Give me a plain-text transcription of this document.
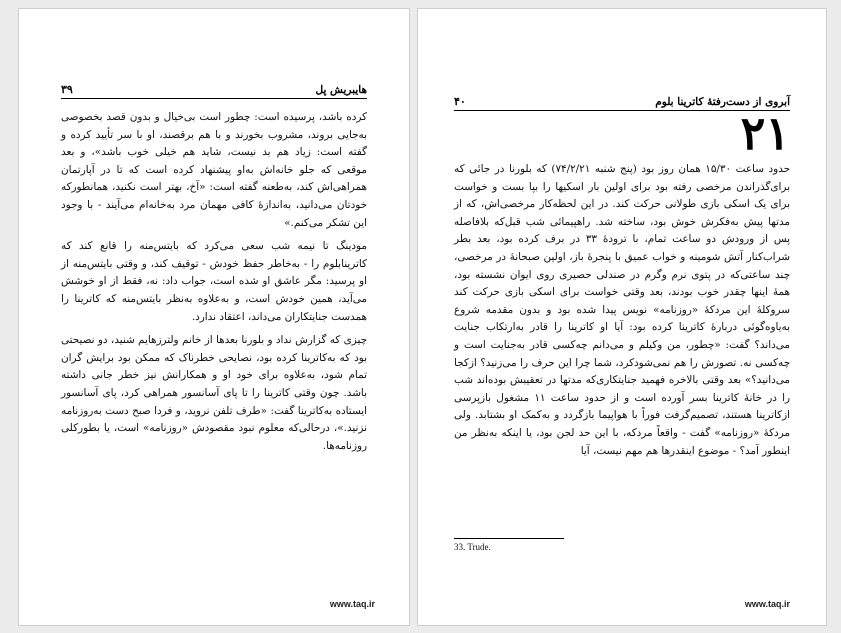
۳۹	هایبریش پل

کرده باشد، پرسیده است: چطور است بی‌خیال و بدون قصد بخصوصی به‌جایی بروند، مشروب بخورند و با هم برقصند، او با سر تأیید کرده و گفته است: زیاد هم بد نیست، شاید هم خیلی خوب باشد»، و بعد موقعی که جلو خانه‌اش به‌او پیشنهاد کرده است که تا در آپارتمان همراهی‌اش کند، به‌طعنه گفته است: «آخ، بهتر است نکنید، همانطورکه خودتان می‌دانید، به‌اندازهٔ کافی مهمان مرد به‌خانه‌ام می‌آیند - با وجود این تشکر می‌کنم.»

مودینگ تا نیمه شب سعی می‌کرد که بایتس‌منه را قانع کند که کاترینابلوم را - به‌خاطر حفظ خودش - توقیف کند، و وقتی بایتس‌منه از او پرسید: مگر عاشق او شده است، جواب داد: نه، فقط از او خوشش می‌آید، همین خودش است، و به‌علاوه به‌نظر بایتس‌منه که کاترینا را همدست جنایتکاران می‌داند، اعتقاد ندارد.

چیزی که گزارش نداد و بلورنا بعدها از خانم ولترزهایم شنید، دو نصیحتی بود که به‌کاترینا کرده بود، نصایحی خطرناک که ممکن بود برایش گران تمام شود، به‌علاوه برای خود او و همکارانش نیز خطر جانی داشته باشد. چون وقتی کاترینا را تا پای آسانسور همراهی کرد، پای آسانسور ایستاده به‌کاترینا گفت: «طرف تلفن نروید، و فردا صبح دست به‌روزنامه نزنید.»، درحالی‌که معلوم نبود مقصودش «روزنامه» است، یا بطورکلی روزنامه‌ها.

www.taq.ir
۴۰	آبروی از دست‌رفتهٔ کاترینا بلوم
۲۱

حدود ساعت ۱۵/۳۰ همان روز بود (پنج شنبه ۷۴/۲/۲۱) که بلورنا در جائی که برای‌گذراندن مرخصی رفته بود برای اولین بار اسکیها را بپا بست و خواست برای یک اسکی بازی طولانی حرکت کند. در این لحظه‌کار مرخصی‌اش، که از مدتها پیش به‌فکرش خوش بود، ساخته شد. راهپیمائی شب قبل‌که بلافاصله پس از ورودش دو ساعت تمام، با ترودهٔ ۳۳ در برف کرده بود، بعد بطر شراب‌کنار آتش شومینه و خواب عمیق با پنجرهٔ باز، اولین صبحانهٔ در مرخصی، چند ساعتی‌که در پتوی نرم وگرم در صندلی حصیری روی ایوان نشسته بود، همهٔ اینها چقدر خوب بودند، بعد وقتی خواست برای اسکی بازی حرکت کند سروکلهٔ این مرد‌کهٔ «روزنامه» نویس پیدا شده بود و بدون مقدمه شروع به‌یاوه‌گوئی دربارهٔ کاترینا کرده بود: آیا او کاترینا را قادر به‌ارتکاب جنایت می‌داند؟ گفت: «چطور، من وکیلم و می‌دانم چه‌کسی قادر به‌جنایت است و چه‌کسی نه. تصورش را هم نمی‌شودکرد، شما چرا این حرف را می‌زنید؟ ازکجا می‌دانید؟» بعد وقتی بالاخره فهمید جنایتکاری‌که مدتها در تعقیبش بوده‌اند شب را در خانهٔ کاترینا بسر آورده است و از حدود ساعت ۱۱ مشغول بازپرسی ازکاترینا هستند، تصمیم‌گرفت فوراً با هواپیما بازگردد و به‌کمک او بشتابد. ولی مرد‌کهٔ «روزنامه» گفت - واقعاً مرد‌که، با این حد لجن بود، یا اینکه به‌نظر من اینطور آمد؟ - موضوع اینقدرها هم مهم نیست، آیا

33. Trude.
www.taq.ir
